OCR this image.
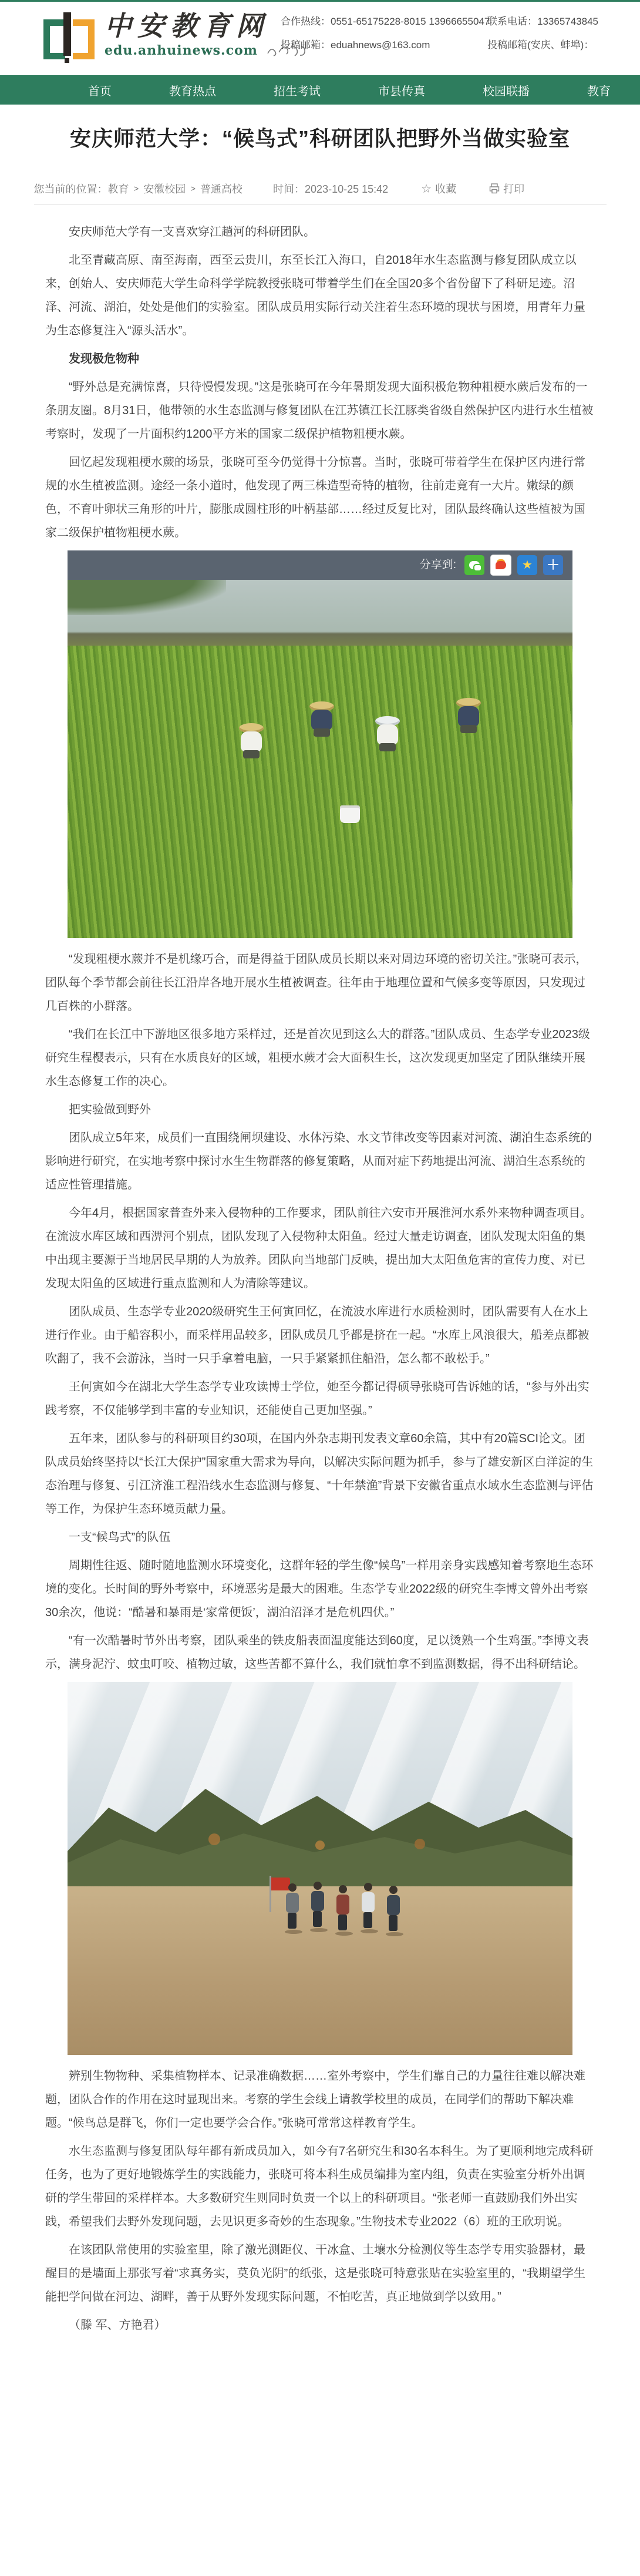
中安教育网
edu.anhuinews.com
合作热线：0551-65175228-8015 13966655047
投稿邮箱：eduahnews@163.com
联系电话：13365743845
投稿邮箱(安庆、蚌埠)：
首页	教育热点	招生考试	市县传真	校园联播	教育
安庆师范大学：“候鸟式”科研团队把野外当做实验室
您当前的位置： 教育 > 安徽校园 > 普通高校	时间：2023-10-25 15:42	☆ 收藏	打印

安庆师范大学有一支喜欢穿江趟河的科研团队。

北至青藏高原、南至海南，西至云贵川，东至长江入海口，自2018年水生态监测与修复团队成立以来，创始人、安庆师范大学生命科学学院教授张晓可带着学生们在全国20多个省份留下了科研足迹。沼泽、河流、湖泊，处处是他们的实验室。团队成员用实际行动关注着生态环境的现状与困境，用青年力量为生态修复注入“源头活水”。

发现极危物种

“野外总是充满惊喜，只待慢慢发现。”这是张晓可在今年暑期发现大面积极危物种粗梗水蕨后发布的一条朋友圈。8月31日，他带领的水生态监测与修复团队在江苏镇江长江豚类省级自然保护区内进行水生植被考察时，发现了一片面积约1200平方米的国家二级保护植物粗梗水蕨。

回忆起发现粗梗水蕨的场景，张晓可至今仍觉得十分惊喜。当时，张晓可带着学生在保护区内进行常规的水生植被监测。途经一条小道时，他发现了两三株造型奇特的植物，往前走竟有一大片。嫩绿的颜色，不育叶卵状三角形的叶片，膨胀成圆柱形的叶柄基部……经过反复比对，团队最终确认这些植被为国家二级保护植物粗梗水蕨。

分享到:	★	＋

“发现粗梗水蕨并不是机缘巧合，而是得益于团队成员长期以来对周边环境的密切关注。”张晓可表示，团队每个季节都会前往长江沿岸各地开展水生植被调查。往年由于地理位置和气候多变等原因，只发现过几百株的小群落。

“我们在长江中下游地区很多地方采样过，还是首次见到这么大的群落。”团队成员、生态学专业2023级研究生程樱表示，只有在水质良好的区域，粗梗水蕨才会大面积生长，这次发现更加坚定了团队继续开展水生态修复工作的决心。

把实验做到野外

团队成立5年来，成员们一直围绕闸坝建设、水体污染、水文节律改变等因素对河流、湖泊生态系统的影响进行研究，在实地考察中探讨水生生物群落的修复策略，从而对症下药地提出河流、湖泊生态系统的适应性管理措施。

今年4月，根据国家普查外来入侵物种的工作要求，团队前往六安市开展淮河水系外来物种调查项目。在流波水库区域和西淠河个别点，团队发现了入侵物种太阳鱼。经过大量走访调查，团队发现太阳鱼的集中出现主要源于当地居民早期的人为放养。团队向当地部门反映，提出加大太阳鱼危害的宣传力度、对已发现太阳鱼的区域进行重点监测和人为清除等建议。

团队成员、生态学专业2020级研究生王何寅回忆，在流波水库进行水质检测时，团队需要有人在水上进行作业。由于船容积小，而采样用品较多，团队成员几乎都是挤在一起。“水库上风浪很大，船差点都被吹翻了，我不会游泳，当时一只手拿着电脑，一只手紧紧抓住船沿，怎么都不敢松手。”

王何寅如今在湖北大学生态学专业攻读博士学位，她至今都记得硕导张晓可告诉她的话，“参与外出实践考察，不仅能够学到丰富的专业知识，还能使自己更加坚强。”

五年来，团队参与的科研项目约30项，在国内外杂志期刊发表文章60余篇，其中有20篇SCI论文。团队成员始终坚持以“长江大保护”国家重大需求为导向，以解决实际问题为抓手，参与了雄安新区白洋淀的生态治理与修复、引江济淮工程沿线水生态监测与修复、“十年禁渔”背景下安徽省重点水域水生态监测与评估等工作，为保护生态环境贡献力量。

一支“候鸟式”的队伍

周期性往返、随时随地监测水环境变化，这群年轻的学生像“候鸟”一样用亲身实践感知着考察地生态环境的变化。长时间的野外考察中，环境恶劣是最大的困难。生态学专业2022级的研究生李博文曾外出考察30余次，他说：“酷暑和暴雨是‘家常便饭’，湖泊沼泽才是危机四伏。”

“有一次酷暑时节外出考察，团队乘坐的铁皮船表面温度能达到60度，足以烫熟一个生鸡蛋。”李博文表示，满身泥泞、蚊虫叮咬、植物过敏，这些苦都不算什么，我们就怕拿不到监测数据，得不出科研结论。

辨别生物物种、采集植物样本、记录准确数据……室外考察中，学生们靠自己的力量往往难以解决难题，团队合作的作用在这时显现出来。考察的学生会线上请教学校里的成员，在同学们的帮助下解决难题。“候鸟总是群飞，你们一定也要学会合作。”张晓可常常这样教育学生。

水生态监测与修复团队每年都有新成员加入，如今有7名研究生和30名本科生。为了更顺利地完成科研任务，也为了更好地锻炼学生的实践能力，张晓可将本科生成员编排为室内组，负责在实验室分析外出调研的学生带回的采样样本。大多数研究生则同时负责一个以上的科研项目。“张老师一直鼓励我们外出实践，希望我们去野外发现问题，去见识更多奇妙的生态现象。”生物技术专业2022（6）班的王欣玥说。

在该团队常使用的实验室里，除了激光测距仪、干冰盒、土壤水分检测仪等生态学专用实验器材，最醒目的是墙面上那张写着“求真务实，莫负光阴”的纸张，这是张晓可特意张贴在实验室里的，“我期望学生能把学问做在河边、湖畔，善于从野外发现实际问题，不怕吃苦，真正地做到学以致用。”

（滕 军、方艳君）
